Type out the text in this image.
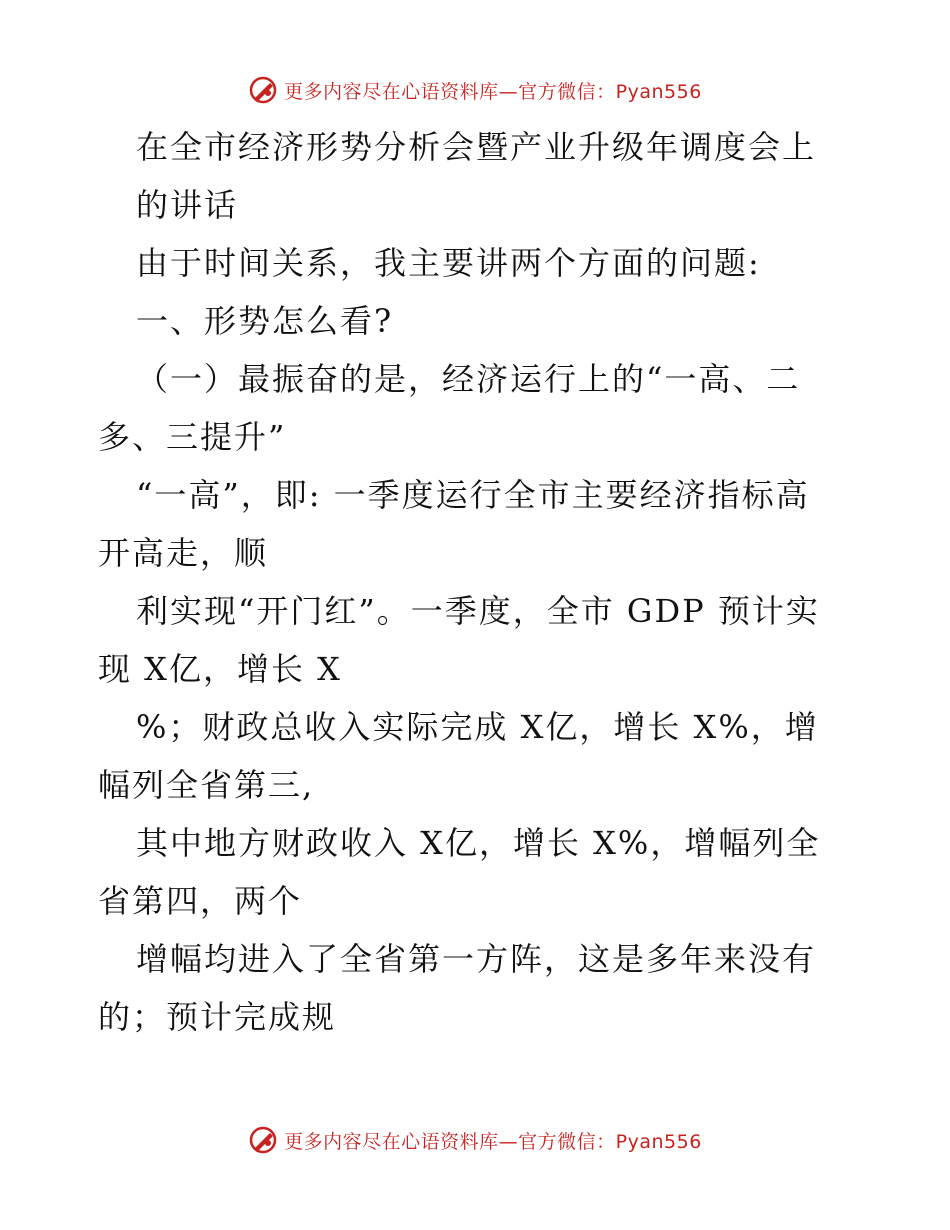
更多内容尽在心语资料库—官方微信：Pyan556
在全市经济形势分析会暨产业升级年调度会上
的讲话
由于时间关系，我主要讲两个方面的问题:
一、形势怎么看?
（一）最振奋的是，经济运行上的“一高、二
多、三提升”
“一高”，即: 一季度运行全市主要经济指标高
开高走，顺
利实现“开门红”。一季度，全市 GDP 预计实
现 X亿，增长 X
%；财政总收入实际完成 X亿，增长 X%，增
幅列全省第三,
其中地方财政收入 X亿，增长 X%，增幅列全
省第四，两个
增幅均进入了全省第一方阵，这是多年来没有
的；预计完成规
更多内容尽在心语资料库—官方微信：Pyan556
